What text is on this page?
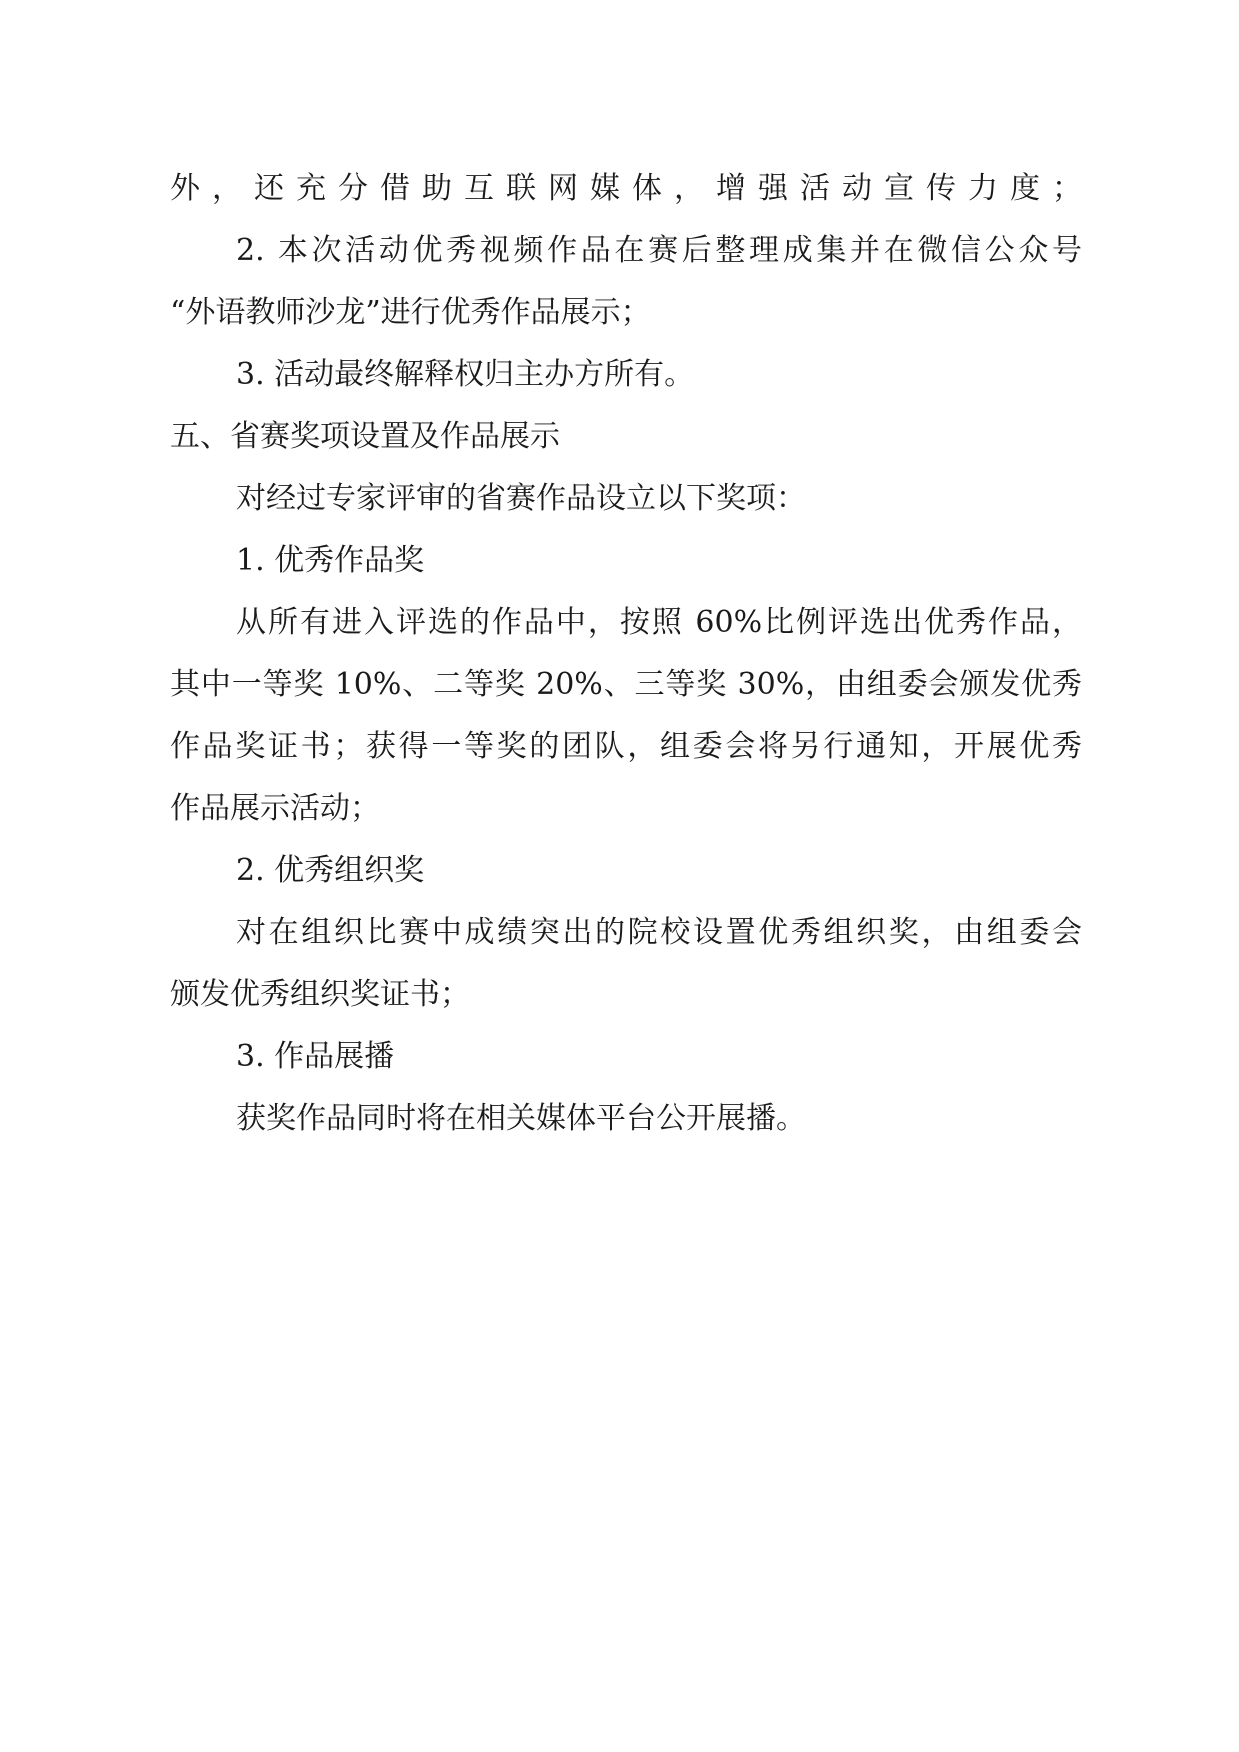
外，还充分借助互联网媒体，增强活动宣传力度；

2. 本次活动优秀视频作品在赛后整理成集并在微信公众号

“外语教师沙龙”进行优秀作品展示；

3. 活动最终解释权归主办方所有。

五、省赛奖项设置及作品展示

对经过专家评审的省赛作品设立以下奖项：

1. 优秀作品奖

从所有进入评选的作品中，按照 60%比例评选出优秀作品，

其中一等奖 10%、二等奖 20%、三等奖 30%，由组委会颁发优秀

作品奖证书；获得一等奖的团队，组委会将另行通知，开展优秀

作品展示活动；

2. 优秀组织奖

对在组织比赛中成绩突出的院校设置优秀组织奖，由组委会

颁发优秀组织奖证书；

3. 作品展播

获奖作品同时将在相关媒体平台公开展播。
